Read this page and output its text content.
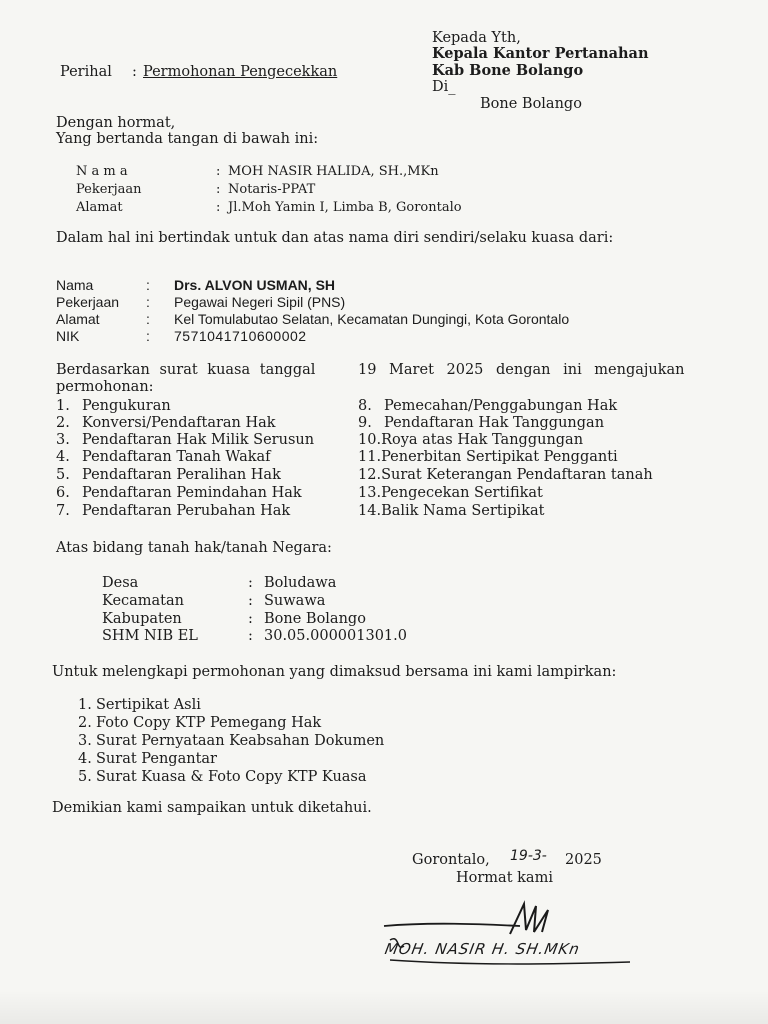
Kepada Yth,
Kepala Kantor Pertanahan
Kab Bone Bolango
Di_
Bone Bolango
Perihal : Permohonan Pengecekkan
Dengan hormat,
Yang bertanda tangan di bawah ini:
N a m a	: MOH NASIR HALIDA, SH.,MKn
Pekerjaan	: Notaris-PPAT
Alamat	: Jl.Moh Yamin I, Limba B, Gorontalo
Dalam hal ini bertindak untuk dan atas nama diri sendiri/selaku kuasa dari:
Nama	: Drs. ALVON USMAN, SH
Pekerjaan : Pegawai Negeri Sipil (PNS)
Alamat	: Kel Tomulabutao Selatan, Kecamatan Dungingi, Kota Gorontalo
NIK	: 7571041710600002
Berdasarkan surat kuasa tanggal	19 Maret 2025 dengan ini mengajukan
permohonan:
1. Pengukuran
2. Konversi/Pendaftaran Hak
3. Pendaftaran Hak Milik Serusun
4. Pendaftaran Tanah Wakaf
5. Pendaftaran Peralihan Hak
6. Pendaftaran Pemindahan Hak
7. Pendaftaran Perubahan Hak
8. Pemecahan/Penggabungan Hak
9. Pendaftaran Hak Tanggungan
10.Roya atas Hak Tanggungan
11.Penerbitan Sertipikat Pengganti
12.Surat Keterangan Pendaftaran tanah
13.Pengecekan Sertifikat
14.Balik Nama Sertipikat
Atas bidang tanah hak/tanah Negara:
Desa	: Boludawa
Kecamatan	: Suwawa
Kabupaten	: Bone Bolango
SHM NIB EL	: 30.05.000001301.0
Untuk melengkapi permohonan yang dimaksud bersama ini kami lampirkan:
1. Sertipikat Asli
2. Foto Copy KTP Pemegang Hak
3. Surat Pernyataan Keabsahan Dokumen
4. Surat Pengantar
5. Surat Kuasa & Foto Copy KTP Kuasa
Demikian kami sampaikan untuk diketahui.
Gorontalo, 19-3- 2025
Hormat kami
MOH. NASIR H. SH.MKn
